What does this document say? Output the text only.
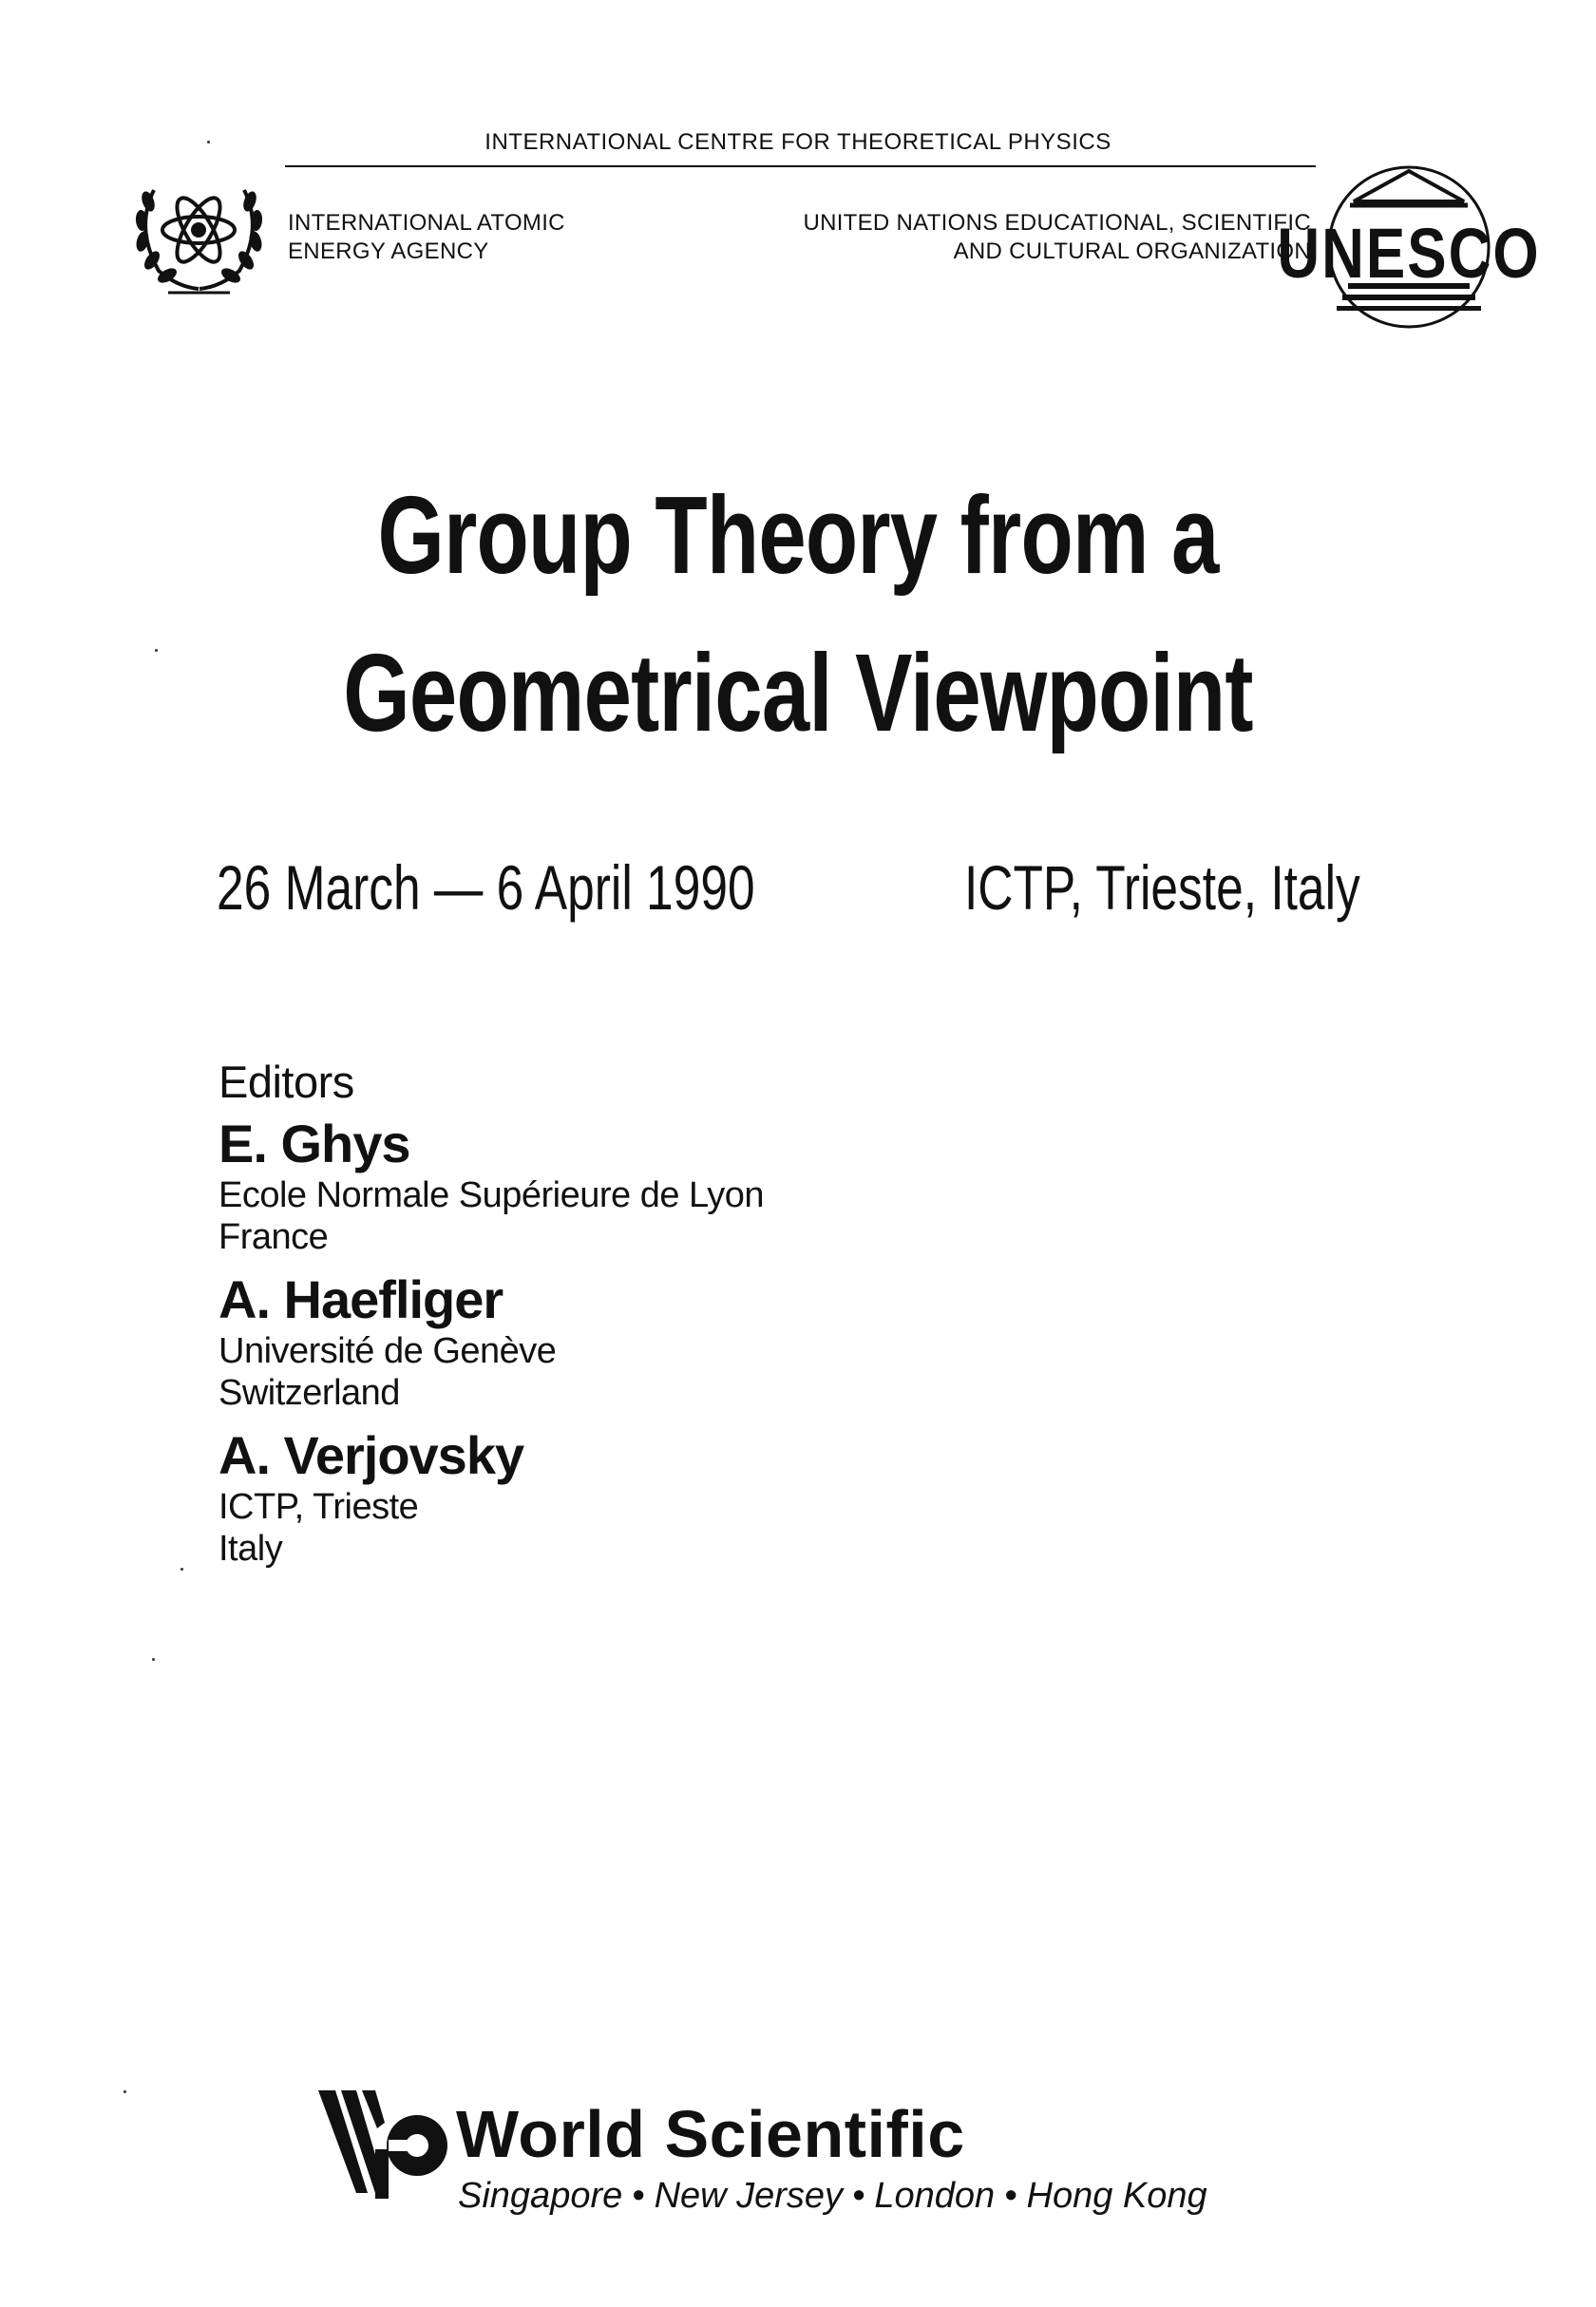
INTERNATIONAL CENTRE FOR THEORETICAL PHYSICS
INTERNATIONAL ATOMIC
ENERGY AGENCY
UNITED NATIONS EDUCATIONAL, SCIENTIFIC
AND CULTURAL ORGANIZATION
UNESCO
Group Theory from a
Geometrical Viewpoint
26 March — 6 April 1990	ICTP, Trieste, Italy
Editors
E. Ghys
Ecole Normale Supérieure de Lyon
France
A. Haefliger
Université de Genève
Switzerland
A. Verjovsky
ICTP, Trieste
Italy
World Scientific
Singapore • New Jersey • London • Hong Kong
